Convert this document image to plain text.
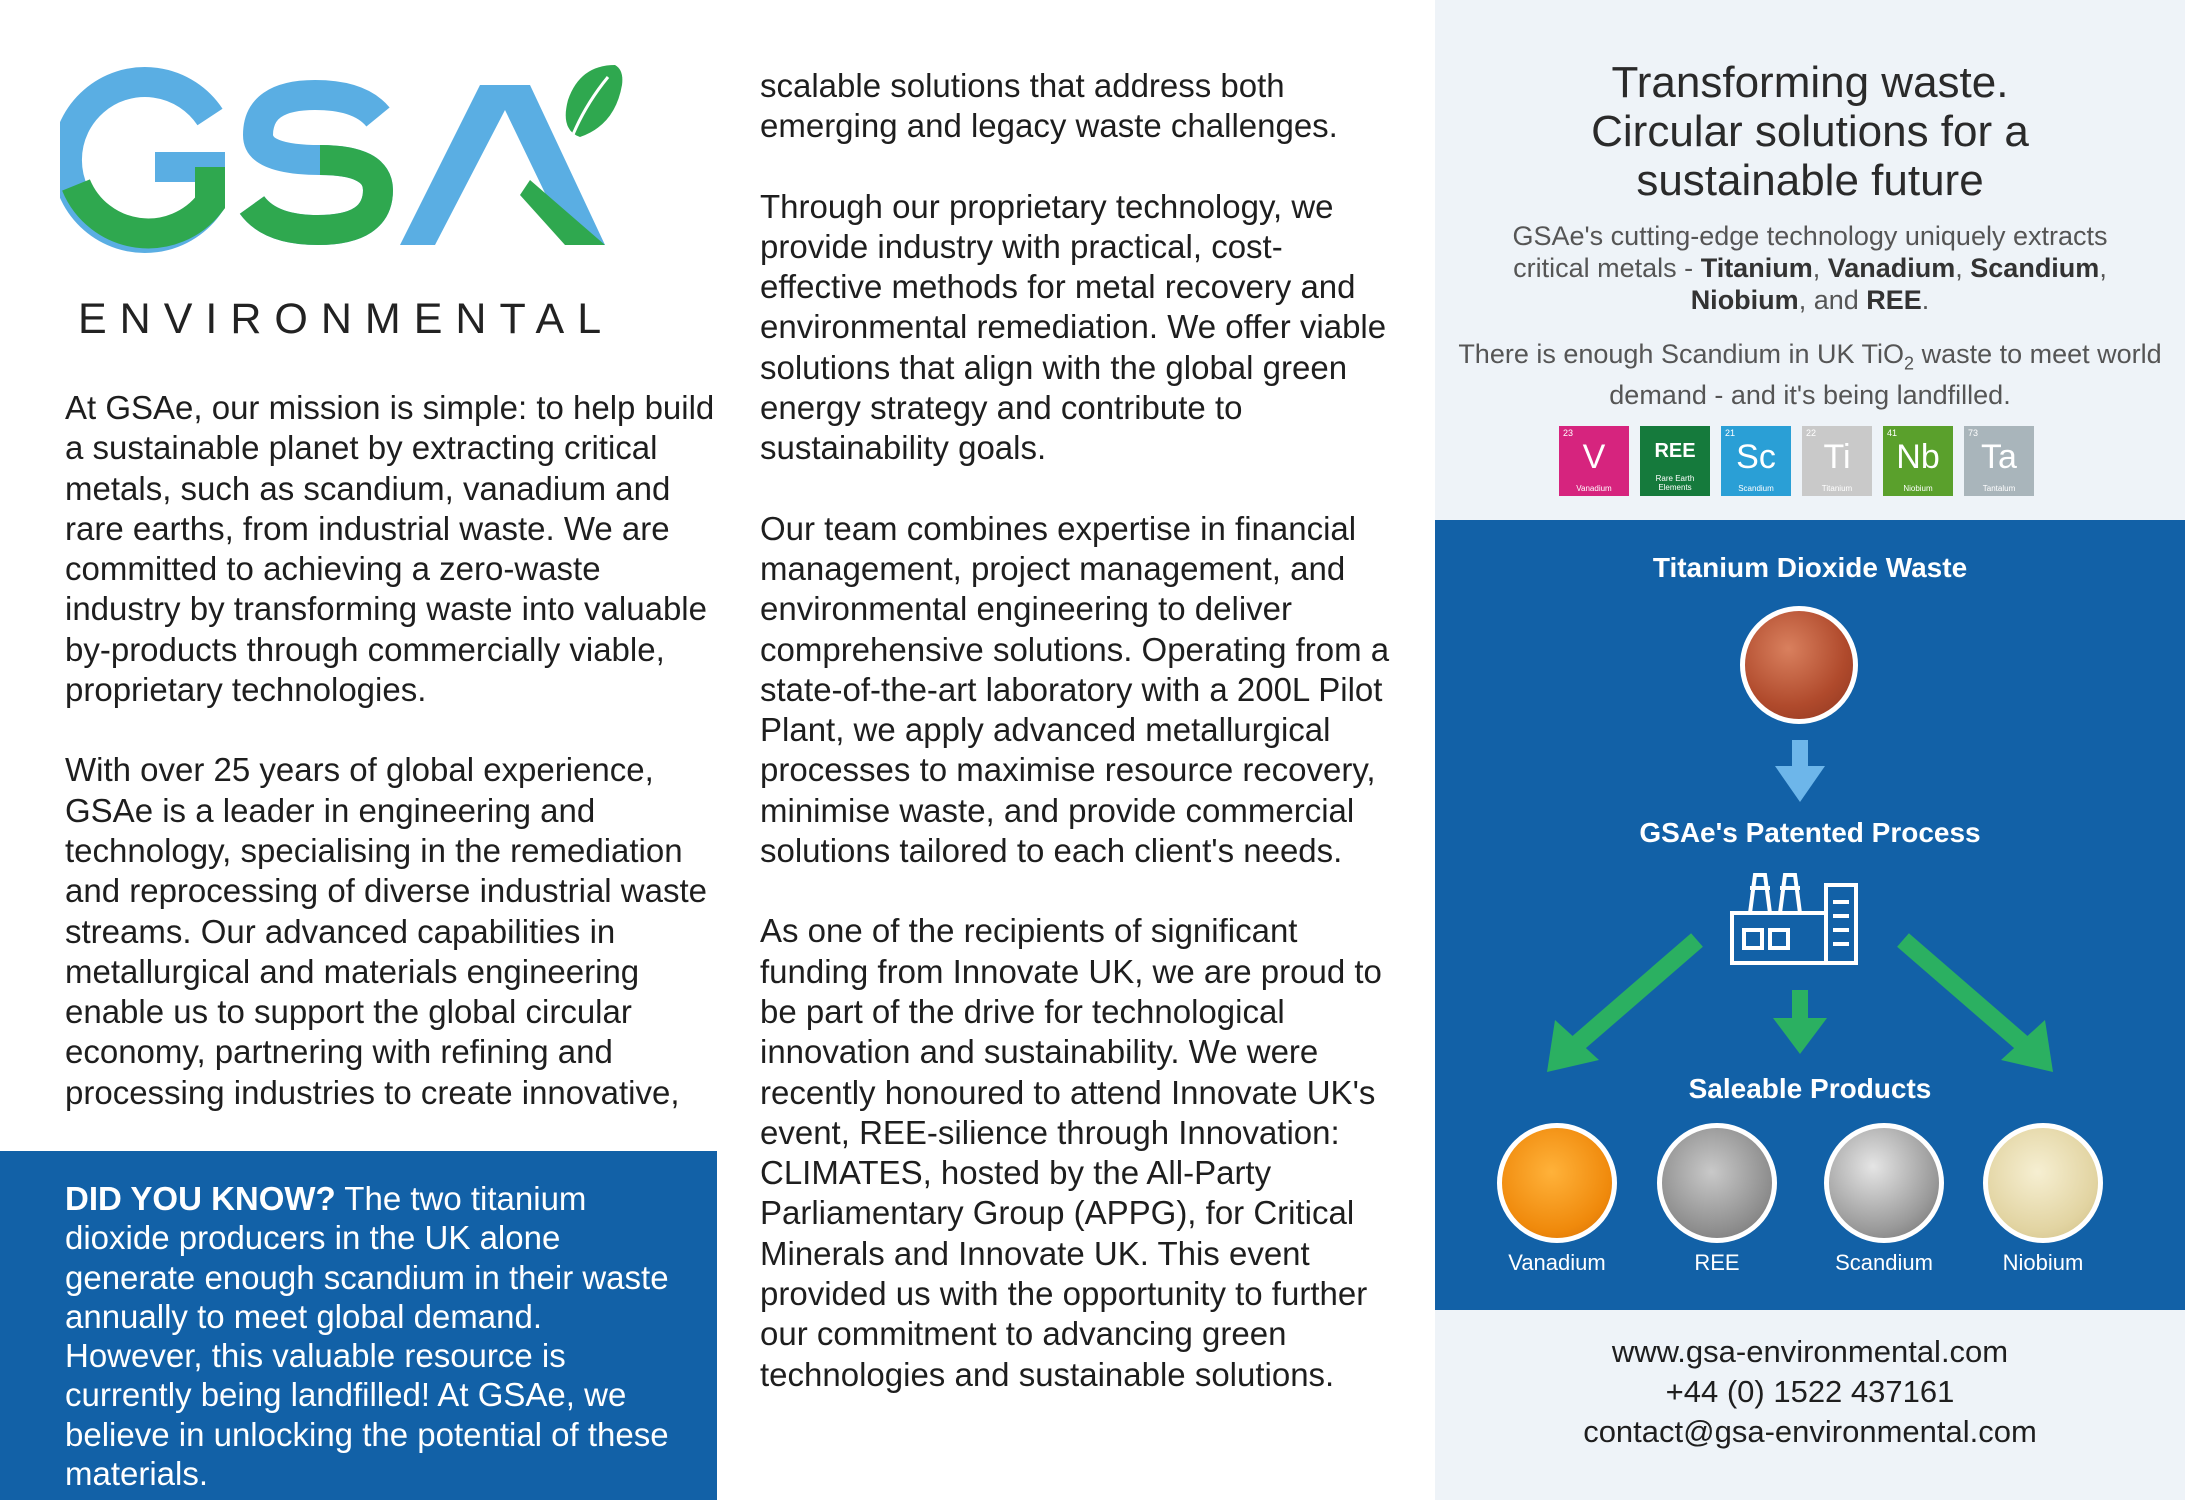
ENVIRONMENTAL

At GSAe, our mission is simple: to help build a sustainable planet by extracting critical metals, such as scandium, vanadium and rare earths, from industrial waste. We are committed to achieving a zero-waste industry by transforming waste into valuable by-products through commercially viable, proprietary technologies.

With over 25 years of global experience, GSAe is a leader in engineering and technology, specialising in the remediation and reprocessing of diverse industrial waste streams. Our advanced capabilities in metallurgical and materials engineering enable us to support the global circular economy, partnering with refining and processing industries to create innovative,

DID YOU KNOW? The two titanium dioxide producers in the UK alone generate enough scandium in their waste annually to meet global demand. However, this valuable resource is currently being landfilled! At GSAe, we believe in unlocking the potential of these materials.

scalable solutions that address both emerging and legacy waste challenges.

Through our proprietary technology, we provide industry with practical, cost-effective methods for metal recovery and environmental remediation. We offer viable solutions that align with the global green energy strategy and contribute to sustainability goals.

Our team combines expertise in financial management, project management, and environmental engineering to deliver comprehensive solutions. Operating from a state-of-the-art laboratory with a 200L Pilot Plant, we apply advanced metallurgical processes to maximise resource recovery, minimise waste, and provide commercial solutions tailored to each client's needs.

As one of the recipients of significant funding from Innovate UK, we are proud to be part of the drive for technological innovation and sustainability. We were recently honoured to attend Innovate UK's event, REE-silience through Innovation: CLIMATES, hosted by the All-Party Parliamentary Group (APPG), for Critical Minerals and Innovate UK. This event provided us with the opportunity to further our commitment to advancing green technologies and sustainable solutions.

Transforming waste.
Circular solutions for a
sustainable future
GSAe's cutting-edge technology uniquely extracts critical metals - Titanium, Vanadium, Scandium, Niobium, and REE.
There is enough Scandium in UK TiO$_2$ waste to meet world demand - and it's being landfilled.
23
V
Vanadium
REE
Rare Earth Elements
21
Sc
Scandium
22
Ti
Titanium
41
Nb
Niobium
73
Ta
Tantalum
Titanium Dioxide Waste
GSAe's Patented Process
Saleable Products
Vanadium	REE	Scandium	Niobium
www.gsa-environmental.com
+44 (0) 1522 437161
contact@gsa-environmental.com
